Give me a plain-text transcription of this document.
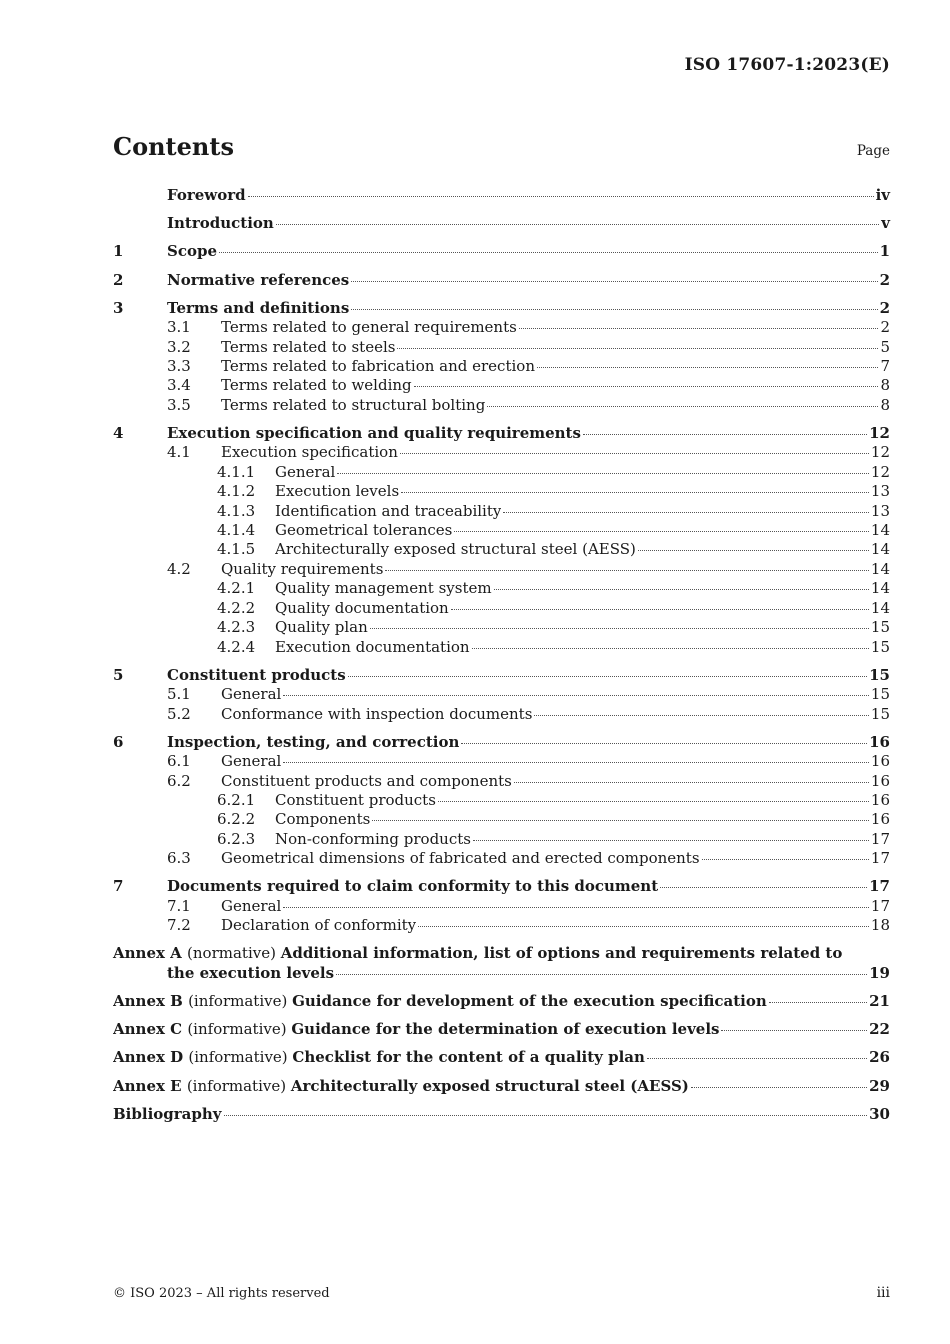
ISO 17607-1:2023(E)
Contents	Page
Foreword	iv
Introduction	v
1	Scope	1
2	Normative references	2
3	Terms and definitions	2
3.1	Terms related to general requirements	2
3.2	Terms related to steels	5
3.3	Terms related to fabrication and erection	7
3.4	Terms related to welding	8
3.5	Terms related to structural bolting	8
4	Execution specification and quality requirements	12
4.1	Execution specification	12
4.1.1	General	12
4.1.2	Execution levels	13
4.1.3	Identification and traceability	13
4.1.4	Geometrical tolerances	14
4.1.5	Architecturally exposed structural steel (AESS)	14
4.2	Quality requirements	14
4.2.1	Quality management system	14
4.2.2	Quality documentation	14
4.2.3	Quality plan	15
4.2.4	Execution documentation	15
5	Constituent products	15
5.1	General	15
5.2	Conformance with inspection documents	15
6	Inspection, testing, and correction	16
6.1	General	16
6.2	Constituent products and components	16
6.2.1	Constituent products	16
6.2.2	Components	16
6.2.3	Non-conforming products	17
6.3	Geometrical dimensions of fabricated and erected components	17
7	Documents required to claim conformity to this document	17
7.1	General	17
7.2	Declaration of conformity	18
Annex A (normative) Additional information, list of options and requirements related to
the execution levels	19
Annex B (informative) Guidance for development of the execution specification	21
Annex C (informative) Guidance for the determination of execution levels	22
Annex D (informative) Checklist for the content of a quality plan	26
Annex E (informative) Architecturally exposed structural steel (AESS)	29
Bibliography	30
© ISO 2023 – All rights reserved	iii
